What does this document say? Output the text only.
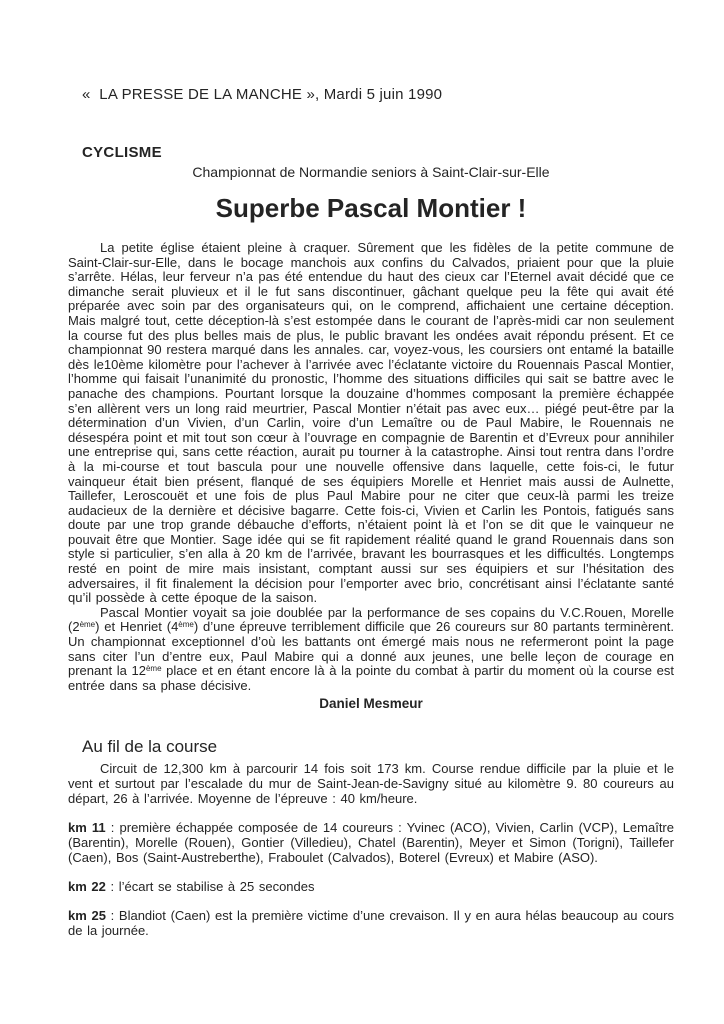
«  LA PRESSE DE LA MANCHE », Mardi 5 juin 1990

CYCLISME

Championnat de Normandie seniors à Saint-Clair-sur-Elle

Superbe Pascal Montier !

La petite église étaient pleine à craquer. Sûrement que les fidèles de la petite commune de Saint-Clair-sur-Elle, dans le bocage manchois aux confins du Calvados, priaient pour que la pluie s’arrête. Hélas, leur ferveur n’a pas été entendue du haut des cieux car l’Eternel avait décidé que ce dimanche serait pluvieux et il le fut sans discontinuer, gâchant quelque peu la fête qui avait été préparée avec soin par des organisateurs qui, on le comprend, affichaient une certaine déception. Mais malgré tout, cette déception-là s’est estompée dans le courant de l’après-midi car non seulement la course fut des plus belles mais de plus, le public bravant les ondées avait répondu présent. Et ce championnat 90 restera marqué dans les annales. car, voyez-vous, les coursiers ont entamé la bataille dès le10ème kilomètre pour l’achever à l’arrivée avec l’éclatante victoire du Rouennais Pascal Montier, l’homme qui faisait l’unanimité du pronostic, l’homme des situations difficiles qui sait se battre avec le panache des champions. Pourtant lorsque la douzaine d’hommes composant la première échappée s’en allèrent vers un long raid meurtrier, Pascal Montier n’était pas avec eux… piégé peut-être par la détermination d’un Vivien, d’un Carlin, voire d’un Lemaître ou de Paul Mabire, le Rouennais ne désespéra point et mit tout son cœur à l’ouvrage en compagnie de Barentin et d’Evreux pour annihiler une entreprise qui, sans cette réaction, aurait pu tourner à la catastrophe. Ainsi tout rentra dans l’ordre à la mi-course et tout bascula pour une nouvelle offensive dans laquelle, cette fois-ci, le futur vainqueur était bien présent, flanqué de ses équipiers Morelle et Henriet mais aussi de Aulnette, Taillefer, Leroscouët et une fois de plus Paul Mabire pour ne citer que ceux-là parmi les treize audacieux de la dernière et décisive bagarre. Cette fois-ci, Vivien et Carlin les Pontois, fatigués sans doute par une trop grande débauche d’efforts, n’étaient point là et l’on se dit que le vainqueur ne pouvait être que Montier. Sage idée qui se fit rapidement réalité quand le grand Rouennais dans son style si particulier, s’en alla à 20 km de l’arrivée, bravant les bourrasques et les difficultés. Longtemps resté en point de mire mais insistant, comptant aussi sur ses équipiers et sur l’hésitation des adversaires, il fit finalement la décision pour l’emporter avec brio, concrétisant ainsi l’éclatante santé qu’il possède à cette époque de la saison.

Pascal Montier voyait sa joie doublée par la performance de ses copains du V.C.Rouen, Morelle (2ème) et Henriet (4ème) d’une épreuve terriblement difficile que 26 coureurs sur 80 partants terminèrent. Un championnat exceptionnel d’où les battants ont émergé mais nous ne refermeront point la page sans citer l’un d’entre eux, Paul Mabire qui a donné aux jeunes, une belle leçon de courage en prenant la 12ème place et en étant encore là à la pointe du combat à partir du moment où la course est entrée dans sa phase décisive.

Daniel Mesmeur

Au fil de la course

Circuit de 12,300 km à parcourir 14 fois soit 173 km. Course rendue difficile par la pluie et le vent et surtout par l’escalade du mur de Saint-Jean-de-Savigny situé au kilomètre 9. 80 coureurs au départ, 26 à l’arrivée. Moyenne de l’épreuve : 40 km/heure.

km 11 : première échappée composée de 14 coureurs : Yvinec (ACO), Vivien, Carlin (VCP), Lemaître (Barentin), Morelle (Rouen), Gontier (Villedieu), Chatel (Barentin), Meyer et Simon (Torigni), Taillefer (Caen), Bos (Saint-Austreberthe), Fraboulet (Calvados), Boterel (Evreux) et Mabire (ASO).

km 22 : l’écart se stabilise à 25 secondes

km 25 : Blandiot (Caen) est la première victime d’une crevaison. Il y en aura hélas beaucoup au cours de la journée.
